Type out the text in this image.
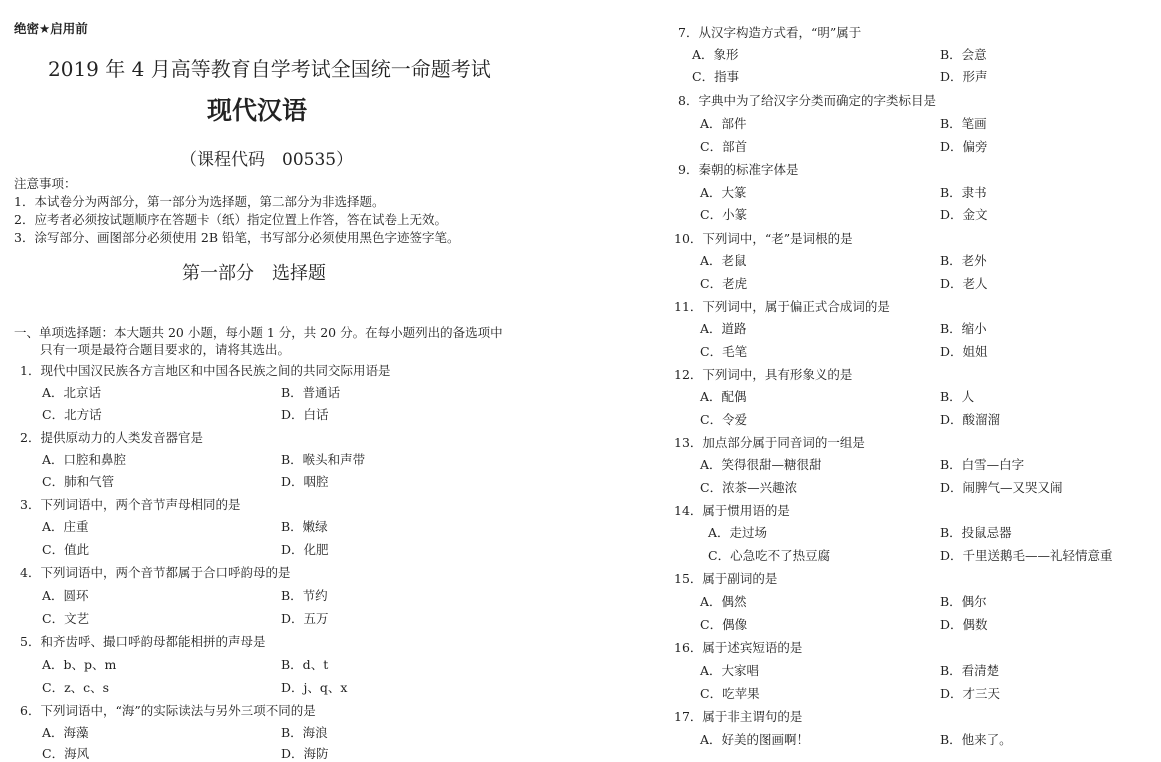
绝密★启用前
2019 年 4 月高等教育自学考试全国统一命题考试
现代汉语
（课程代码　00535）
注意事项：
1．本试卷分为两部分，第一部分为选择题，第二部分为非选择题。
2．应考者必须按试题顺序在答题卡（纸）指定位置上作答，答在试卷上无效。
3．涂写部分、画图部分必须使用 2B 铅笔，书写部分必须使用黑色字迹签字笔。
第一部分　选择题
一、单项选择题：本大题共 20 小题，每小题 1 分，共 20 分。在每小题列出的备选项中
只有一项是最符合题目要求的，请将其选出。
1．现代中国汉民族各方言地区和中国各民族之间的共同交际用语是
A．北京话	B．普通话
C．北方话	D．白话
2．提供原动力的人类发音器官是
A．口腔和鼻腔	B．喉头和声带
C．肺和气管	D．咽腔
3．下列词语中，两个音节声母相同的是
A．庄重	B．嫩绿
C．值此	D．化肥
4．下列词语中，两个音节都属于合口呼韵母的是
A．圆环	B．节约
C．文艺	D．五万
5．和齐齿呼、撮口呼韵母都能相拼的声母是
A．b、p、m	B．d、t
C．z、c、s	D．j、q、x
6．下列词语中，“海”的实际读法与另外三项不同的是
A．海藻	B．海浪
C．海风	D．海防
7．从汉字构造方式看，“明”属于
A．象形	B．会意
C．指事	D．形声
8．字典中为了给汉字分类而确定的字类标目是
A．部件	B．笔画
C．部首	D．偏旁
9．秦朝的标准字体是
A．大篆	B．隶书
C．小篆	D．金文
10．下列词中，“老”是词根的是
A．老鼠	B．老外
C．老虎	D．老人
11．下列词中，属于偏正式合成词的是
A．道路	B．缩小
C．毛笔	D．姐姐
12．下列词中，具有形象义的是
A．配偶	B．人
C．令爱	D．酸溜溜
13．加点部分属于同音词的一组是
A．笑得很甜—糖很甜	B．白雪—白字
C．浓茶—兴趣浓	D．闹脾气—又哭又闹
14．属于惯用语的是
A．走过场	B．投鼠忌器
C．心急吃不了热豆腐	D．千里送鹅毛——礼轻情意重
15．属于副词的是
A．偶然	B．偶尔
C．偶像	D．偶数
16．属于述宾短语的是
A．大家唱	B．看清楚
C．吃苹果	D．才三天
17．属于非主谓句的是
A．好美的图画啊！	B．他来了。
